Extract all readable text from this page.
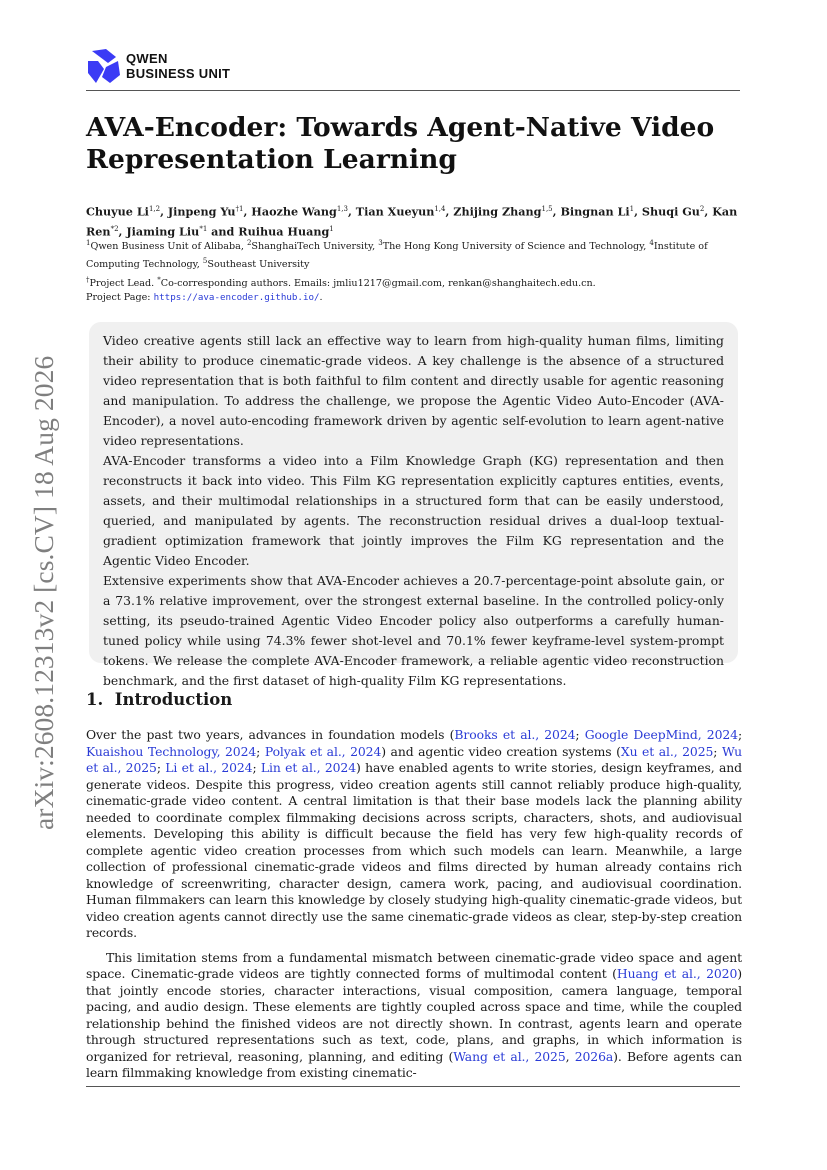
QWEN
BUSINESS UNIT
arXiv:2608.12313v2 [cs.CV] 18 Aug 2026
AVA-Encoder: Towards Agent-Native Video Representation Learning
Chuyue Li$^{1,2}$, Jinpeng Yu$^{\dagger 1}$, Haozhe Wang$^{1,3}$, Tian Xueyun$^{1,4}$, Zhijing Zhang$^{1,5}$, Bingnan Li$^1$, Shuqi Gu$^2$, Kan Ren$^{*2}$, Jiaming Liu$^{*1}$ and Ruihua Huang$^1$
$^1$Qwen Business Unit of Alibaba, $^2$ShanghaiTech University, $^3$The Hong Kong University of Science and Technology, $^4$Institute of Computing Technology, $^5$Southeast University
†Project Lead. *Co-corresponding authors. Emails: jmliu1217@gmail.com, renkan@shanghaitech.edu.cn.
Project Page: https://ava-encoder.github.io/.

Video creative agents still lack an effective way to learn from high-quality human films, limiting their ability to produce cinematic-grade videos. A key challenge is the absence of a structured video representation that is both faithful to film content and directly usable for agentic reasoning and manipulation. To address the challenge, we propose the Agentic Video Auto-Encoder (AVA-Encoder), a novel auto-encoding framework driven by agentic self-evolution to learn agent-native video representations.

AVA-Encoder transforms a video into a Film Knowledge Graph (KG) representation and then reconstructs it back into video. This Film KG representation explicitly captures entities, events, assets, and their multimodal relationships in a structured form that can be easily understood, queried, and manipulated by agents. The reconstruction residual drives a dual-loop textual-gradient optimization framework that jointly improves the Film KG representation and the Agentic Video Encoder.

Extensive experiments show that AVA-Encoder achieves a 20.7-percentage-point absolute gain, or a 73.1% relative improvement, over the strongest external baseline. In the controlled policy-only setting, its pseudo-trained Agentic Video Encoder policy also outperforms a carefully human-tuned policy while using 74.3% fewer shot-level and 70.1% fewer keyframe-level system-prompt tokens. We release the complete AVA-Encoder framework, a reliable agentic video reconstruction benchmark, and the first dataset of high-quality Film KG representations.

1. Introduction

Over the past two years, advances in foundation models (Brooks et al., 2024; Google DeepMind, 2024; Kuaishou Technology, 2024; Polyak et al., 2024) and agentic video creation systems (Xu et al., 2025; Wu et al., 2025; Li et al., 2024; Lin et al., 2024) have enabled agents to write stories, design keyframes, and generate videos. Despite this progress, video creation agents still cannot reliably produce high-quality, cinematic-grade video content. A central limitation is that their base models lack the planning ability needed to coordinate complex filmmaking decisions across scripts, characters, shots, and audiovisual elements. Developing this ability is difficult because the field has very few high-quality records of complete agentic video creation processes from which such models can learn. Meanwhile, a large collection of professional cinematic-grade videos and films directed by human already contains rich knowledge of screenwriting, character design, camera work, pacing, and audiovisual coordination. Human filmmakers can learn this knowledge by closely studying high-quality cinematic-grade videos, but video creation agents cannot directly use the same cinematic-grade videos as clear, step-by-step creation records.

This limitation stems from a fundamental mismatch between cinematic-grade video space and agent space. Cinematic-grade videos are tightly connected forms of multimodal content (Huang et al., 2020) that jointly encode stories, character interactions, visual composition, camera language, temporal pacing, and audio design. These elements are tightly coupled across space and time, while the coupled relationship behind the finished videos are not directly shown. In contrast, agents learn and operate through structured representations such as text, code, plans, and graphs, in which information is organized for retrieval, reasoning, planning, and editing (Wang et al., 2025, 2026a). Before agents can learn filmmaking knowledge from existing cinematic-
